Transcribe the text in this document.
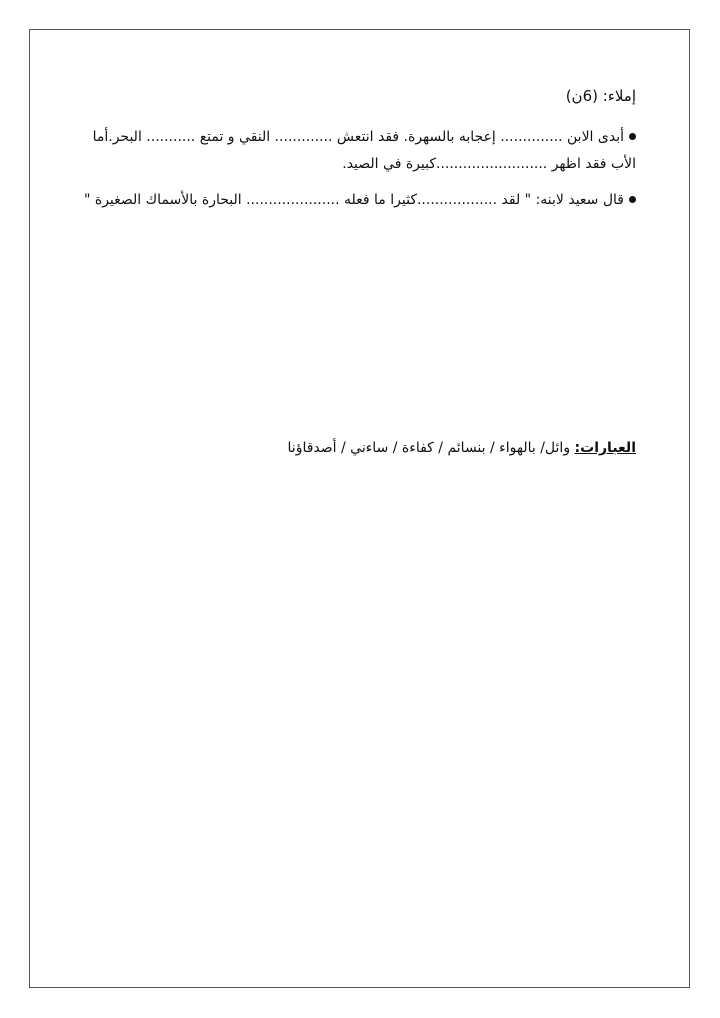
إملاء: (6ن)
أبدى الابن .............. إعجابه بالسهرة. فقد انتعش ............. النقي و تمتع ........... البحر.أما الأب فقد اظهر .........................كبيرة في الصيد.
قال سعيد لابنه: " لقد ..................كثيرا ما فعله ..................... البحارة بالأسماك الصغيرة "
العبارات: وائل/ بالهواء / بنسائم / كفاءة / ساءني / أصدقاؤنا
